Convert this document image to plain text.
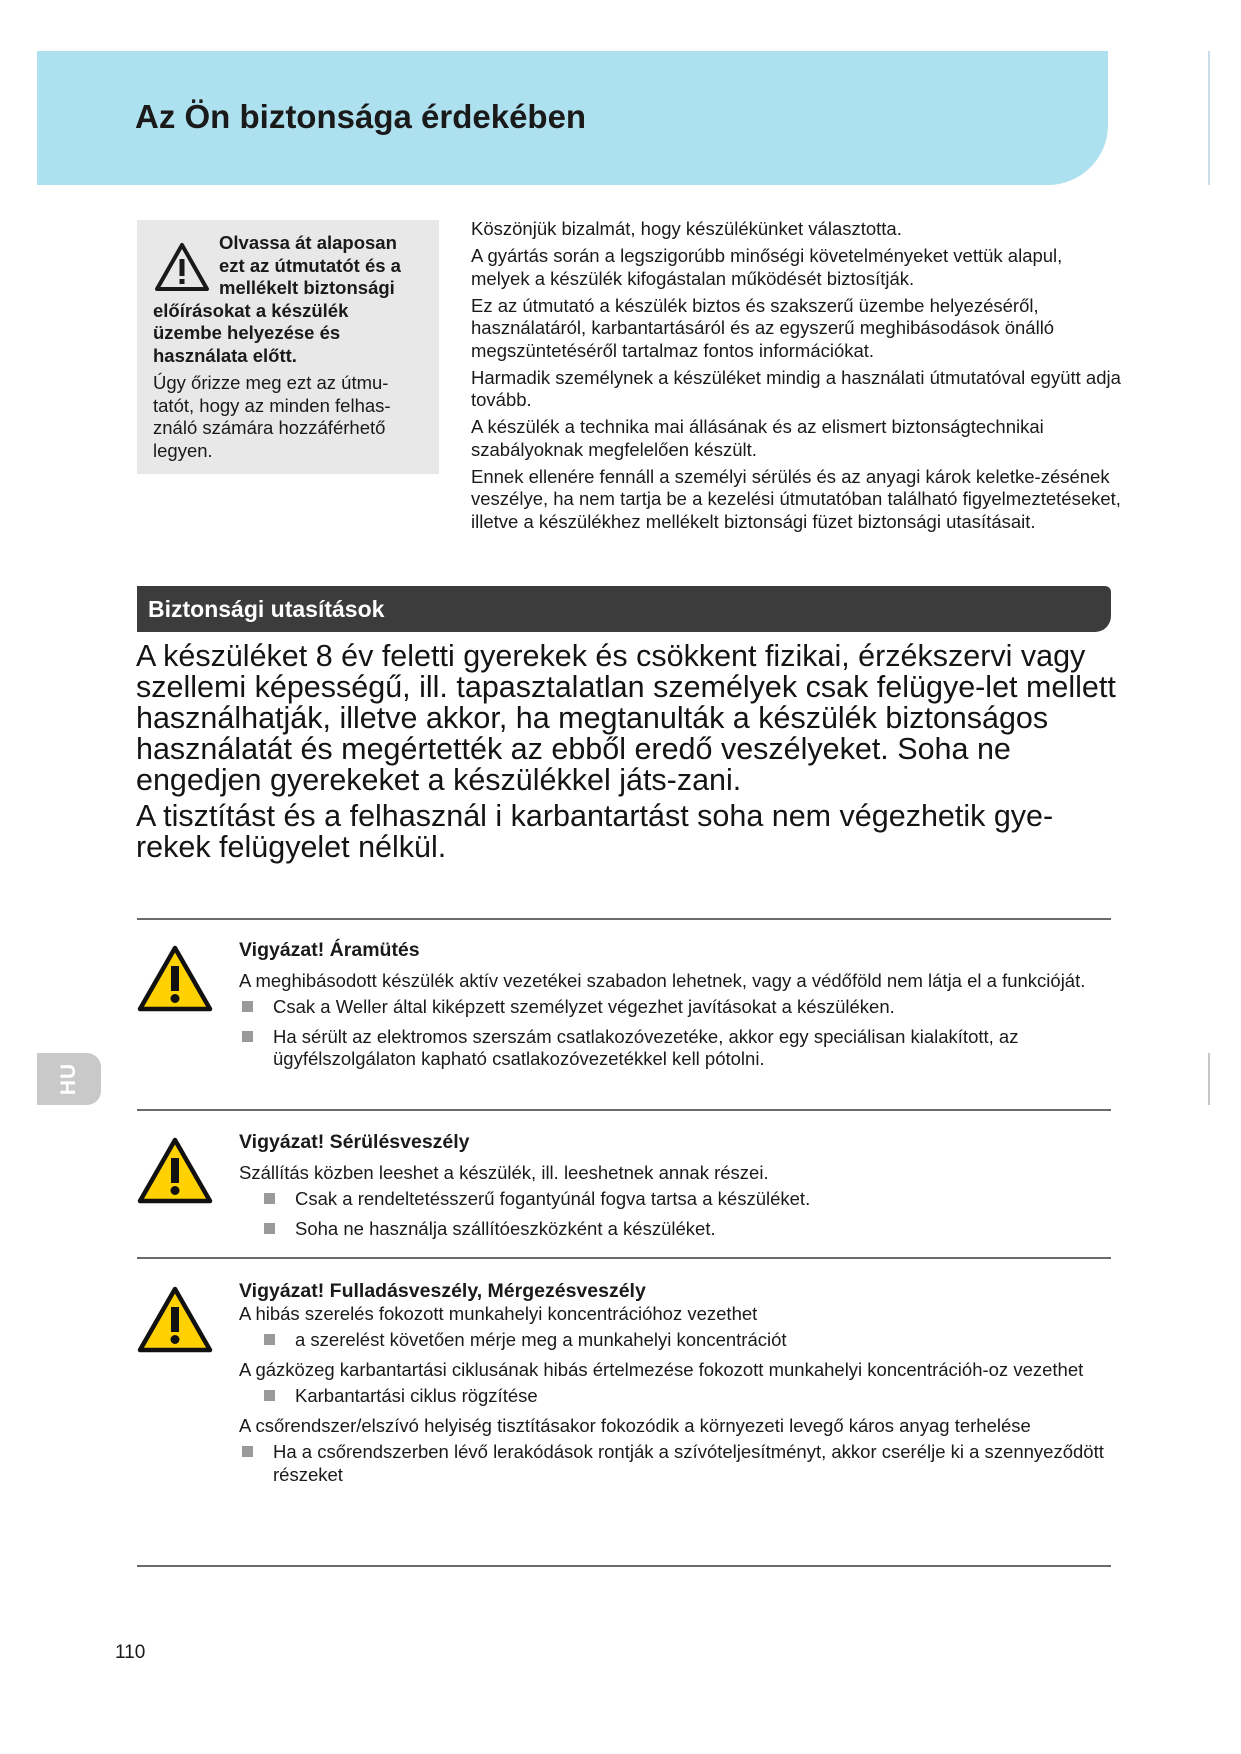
Az Ön biztonsága érdekében

Olvassa át alaposan
ezt az útmutatót és a
mellékelt biztonsági
előírásokat a készülék
üzembe helyezése és
használata előtt.

Úgy őrizze meg ezt az útmu-
tatót, hogy az minden felhas-
ználó számára hozzáférhető
legyen.

Köszönjük bizalmát, hogy készülékünket választotta.

A gyártás során a legszigorúbb minőségi követelményeket vettük alapul, melyek a készülék kifogástalan működését biztosítják.

Ez az útmutató a készülék biztos és szakszerű üzembe helyezéséről, használatáról, karbantartásáról és az egyszerű meghibásodások önálló megszüntetéséről tartalmaz fontos információkat.

Harmadik személynek a készüléket mindig a használati útmutatóval együtt adja tovább.

A készülék a technika mai állásának és az elismert biztonságtechnikai szabályoknak megfelelően készült.

Ennek ellenére fennáll a személyi sérülés és az anyagi károk keletke-zésének veszélye, ha nem tartja be a kezelési útmutatóban található figyelmeztetéseket, illetve a készülékhez mellékelt biztonsági füzet biztonsági utasításait.

Biztonsági utasítások

A készüléket 8 év feletti gyerekek és csökkent fizikai, érzékszervi vagy szellemi képességű, ill. tapasztalatlan személyek csak felügye-let mellett használhatják, illetve akkor, ha megtanulták a készülék biztonságos használatát és megértették az ebből eredő veszélyeket. Soha ne engedjen gyerekeket a készülékkel játs-zani.

A tisztítást és a felhasznál i karbantartást soha nem végezhetik gye-rekek felügyelet nélkül.

Vigyázat! Áramütés

A meghibásodott készülék aktív vezetékei szabadon lehetnek, vagy a védőföld nem látja el a funkcióját.

Csak a Weller által kiképzett személyzet végezhet javításokat a készüléken.
Ha sérült az elektromos szerszám csatlakozóvezetéke, akkor egy speciálisan kialakított, az ügyfélszolgálaton kapható csatlakozóvezetékkel kell pótolni.
Vigyázat! Sérülésveszély

Szállítás közben leeshet a készülék, ill. leeshetnek annak részei.

Csak a rendeltetésszerű fogantyúnál fogva tartsa a készüléket.
Soha ne használja szállítóeszközként a készüléket.
Vigyázat! Fulladásveszély, Mérgezésveszély

A hibás szerelés fokozott munkahelyi koncentrációhoz vezethet

a szerelést követően mérje meg a munkahelyi koncentrációt

A gázközeg karbantartási ciklusának hibás értelmezése fokozott munkahelyi koncentrációh-oz vezethet

Karbantartási ciklus rögzítése

A csőrendszer/elszívó helyiség tisztításakor fokozódik a környezeti levegő káros anyag terhelése

Ha a csőrendszerben lévő lerakódások rontják a szívóteljesítményt, akkor cserélje ki a szennyeződött részeket
HU
110
